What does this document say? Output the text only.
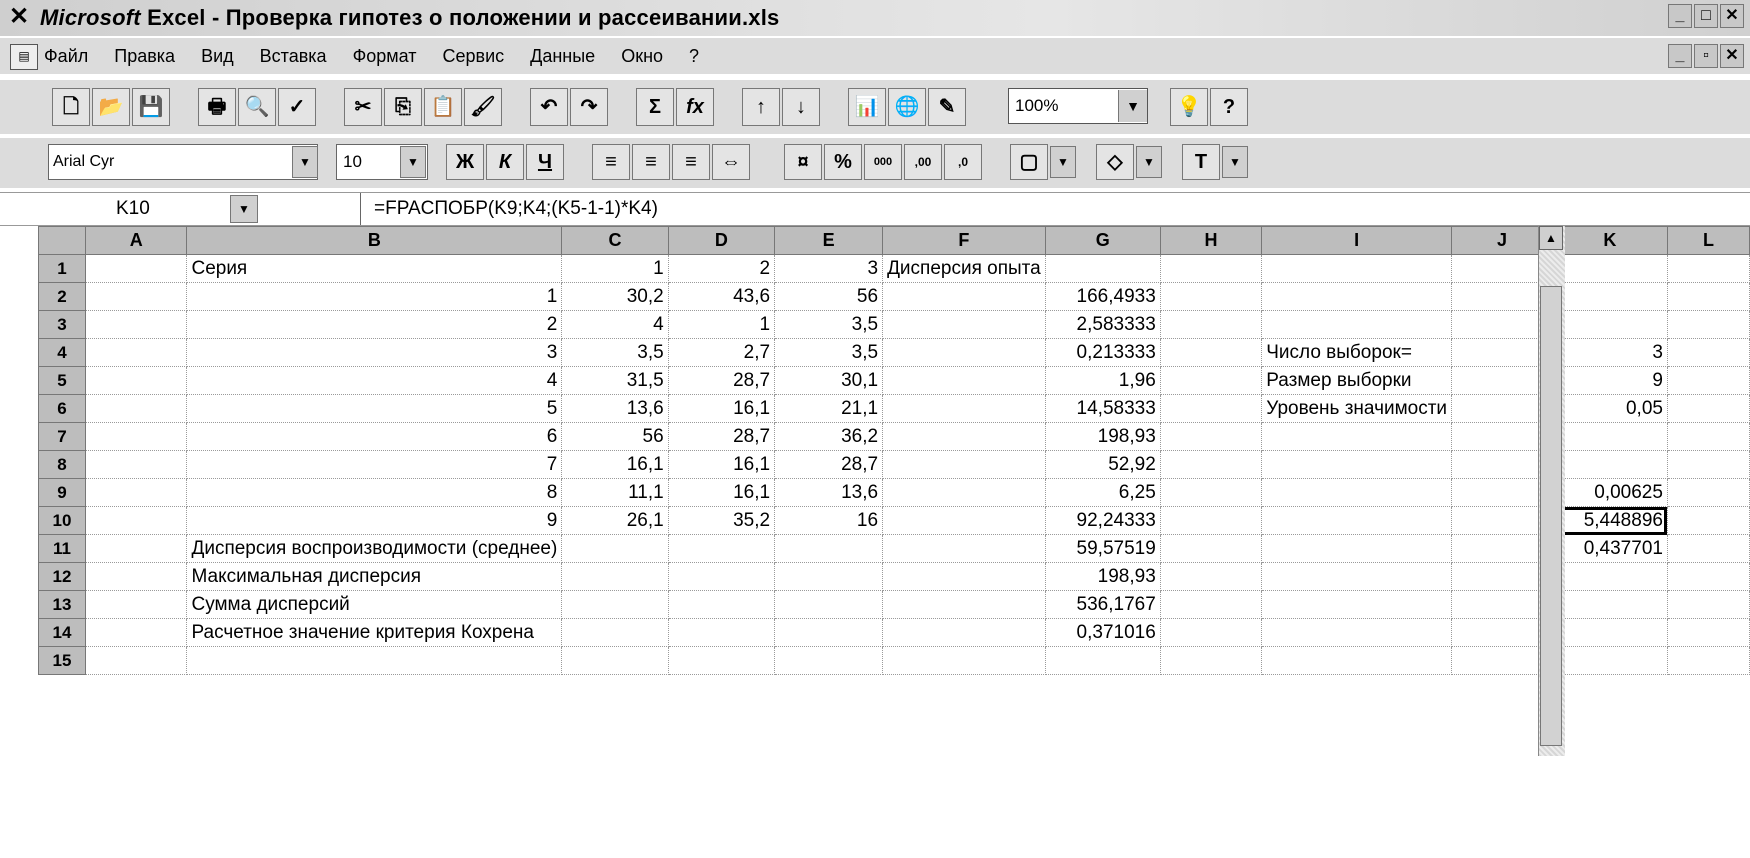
✕ Microsoft Excel - Проверка гипотез о положении и рассеивании.xls	_	□ ✕
▤ Файл Правка Вид Вставка Формат Сервис Данные Окно ?	_	▫	✕
🗋 📂 💾	🖶 🔍 ✓	✂	⎘ 📋 🖌	↶	↷	Σ	fx	↑	↓	📊 🌐 ✎	100%	▼	💡	?
Arial Cyr	▼	10	▼	Ж	К	Ч	≡	≡	≡	⇔	¤	%	000	,00	,0	▢	▼	◇	▼	T	▼
K10	▼	=FPACПОБР(K9;K4;(K5-1-1)*K4)
	A	B	C	D	E	F	G	H	I	J	K	L
1		Серия	1	2	3	Дисперсия опыта						
2		1	30,2	43,6	56		166,4933					
3		2	4	1	3,5		2,583333					
4		3	3,5	2,7	3,5		0,213333		Число выборок=		3	
5		4	31,5	28,7	30,1		1,96		Размер выборки		9	
6		5	13,6	16,1	21,1		14,58333		Уровень значимости		0,05	
7		6	56	28,7	36,2		198,93					
8		7	16,1	16,1	28,7		52,92					
9		8	11,1	16,1	13,6		6,25				0,00625	
10		9	26,1	35,2	16		92,24333				5,448896	
11		Дисперсия воспроизводимости (среднее)					59,57519				0,437701	
12		Максимальная дисперсия					198,93					
13		Сумма дисперсий					536,1767					
14		Расчетное значение критерия Кохрена					0,371016					
15												
▲
